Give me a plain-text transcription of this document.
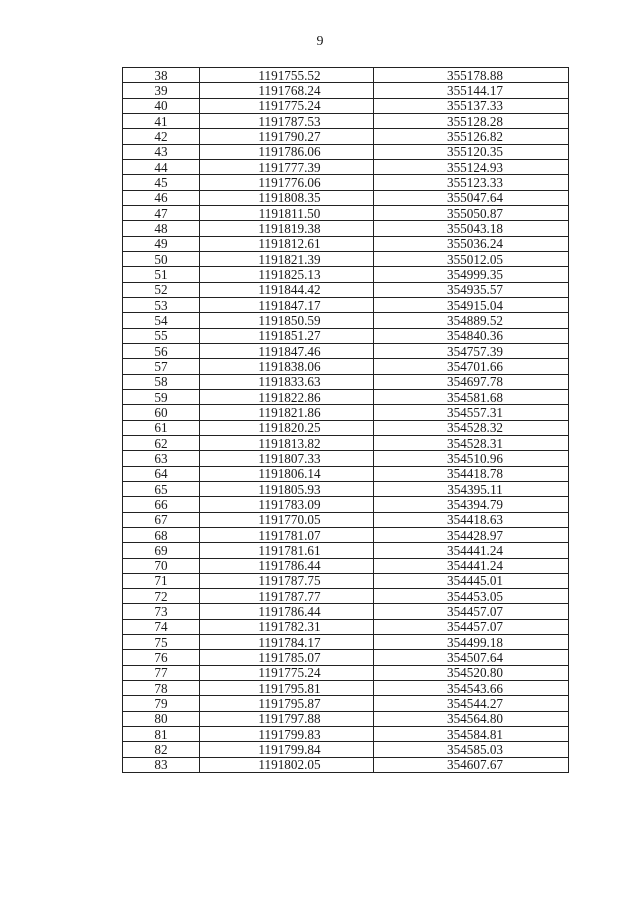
9
38	1191755.52	355178.88
39	1191768.24	355144.17
40	1191775.24	355137.33
41	1191787.53	355128.28
42	1191790.27	355126.82
43	1191786.06	355120.35
44	1191777.39	355124.93
45	1191776.06	355123.33
46	1191808.35	355047.64
47	1191811.50	355050.87
48	1191819.38	355043.18
49	1191812.61	355036.24
50	1191821.39	355012.05
51	1191825.13	354999.35
52	1191844.42	354935.57
53	1191847.17	354915.04
54	1191850.59	354889.52
55	1191851.27	354840.36
56	1191847.46	354757.39
57	1191838.06	354701.66
58	1191833.63	354697.78
59	1191822.86	354581.68
60	1191821.86	354557.31
61	1191820.25	354528.32
62	1191813.82	354528.31
63	1191807.33	354510.96
64	1191806.14	354418.78
65	1191805.93	354395.11
66	1191783.09	354394.79
67	1191770.05	354418.63
68	1191781.07	354428.97
69	1191781.61	354441.24
70	1191786.44	354441.24
71	1191787.75	354445.01
72	1191787.77	354453.05
73	1191786.44	354457.07
74	1191782.31	354457.07
75	1191784.17	354499.18
76	1191785.07	354507.64
77	1191775.24	354520.80
78	1191795.81	354543.66
79	1191795.87	354544.27
80	1191797.88	354564.80
81	1191799.83	354584.81
82	1191799.84	354585.03
83	1191802.05	354607.67
